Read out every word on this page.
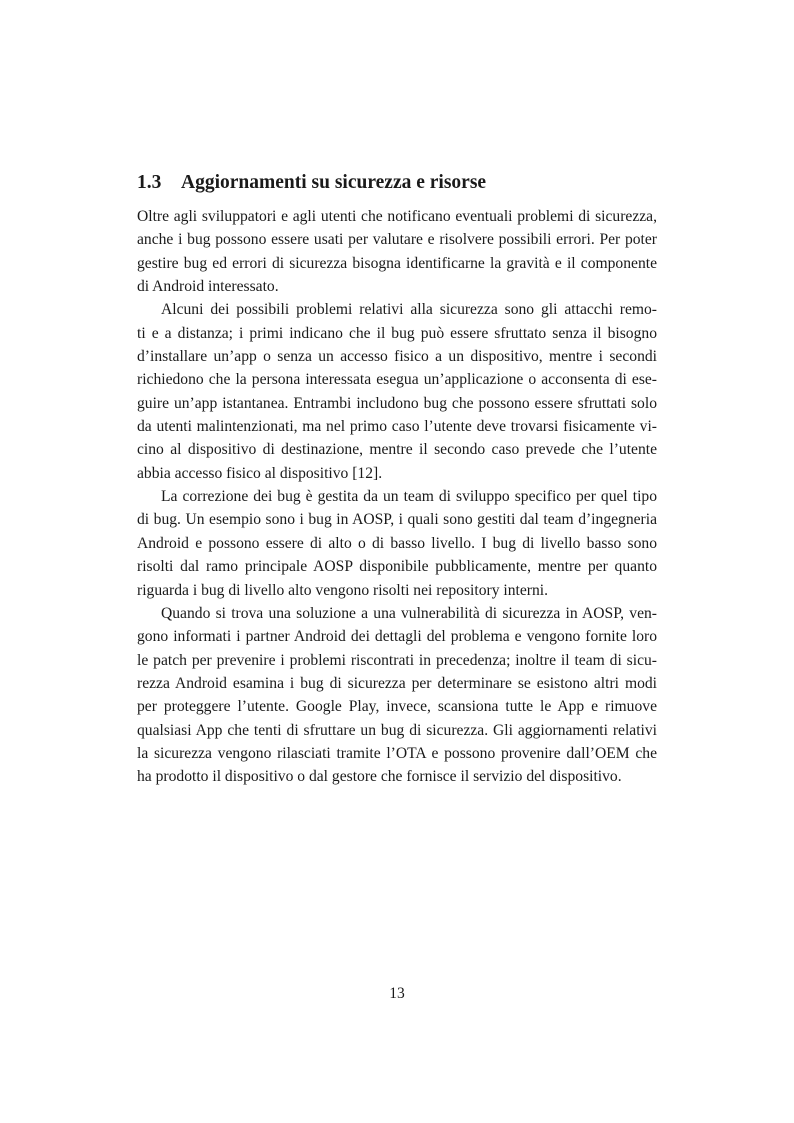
1.3 Aggiornamenti su sicurezza e risorse
Oltre agli sviluppatori e agli utenti che notificano eventuali problemi di sicurezza,
anche i bug possono essere usati per valutare e risolvere possibili errori. Per poter
gestire bug ed errori di sicurezza bisogna identificarne la gravità e il componente
di Android interessato.
Alcuni dei possibili problemi relativi alla sicurezza sono gli attacchi remo-
ti e a distanza; i primi indicano che il bug può essere sfruttato senza il bisogno
d’installare un’app o senza un accesso fisico a un dispositivo, mentre i secondi
richiedono che la persona interessata esegua un’applicazione o acconsenta di ese-
guire un’app istantanea. Entrambi includono bug che possono essere sfruttati solo
da utenti malintenzionati, ma nel primo caso l’utente deve trovarsi fisicamente vi-
cino al dispositivo di destinazione, mentre il secondo caso prevede che l’utente
abbia accesso fisico al dispositivo [12].
La correzione dei bug è gestita da un team di sviluppo specifico per quel tipo
di bug. Un esempio sono i bug in AOSP, i quali sono gestiti dal team d’ingegneria
Android e possono essere di alto o di basso livello. I bug di livello basso sono
risolti dal ramo principale AOSP disponibile pubblicamente, mentre per quanto
riguarda i bug di livello alto vengono risolti nei repository interni.
Quando si trova una soluzione a una vulnerabilità di sicurezza in AOSP, ven-
gono informati i partner Android dei dettagli del problema e vengono fornite loro
le patch per prevenire i problemi riscontrati in precedenza; inoltre il team di sicu-
rezza Android esamina i bug di sicurezza per determinare se esistono altri modi
per proteggere l’utente. Google Play, invece, scansiona tutte le App e rimuove
qualsiasi App che tenti di sfruttare un bug di sicurezza. Gli aggiornamenti relativi
la sicurezza vengono rilasciati tramite l’OTA e possono provenire dall’OEM che
ha prodotto il dispositivo o dal gestore che fornisce il servizio del dispositivo.
13
